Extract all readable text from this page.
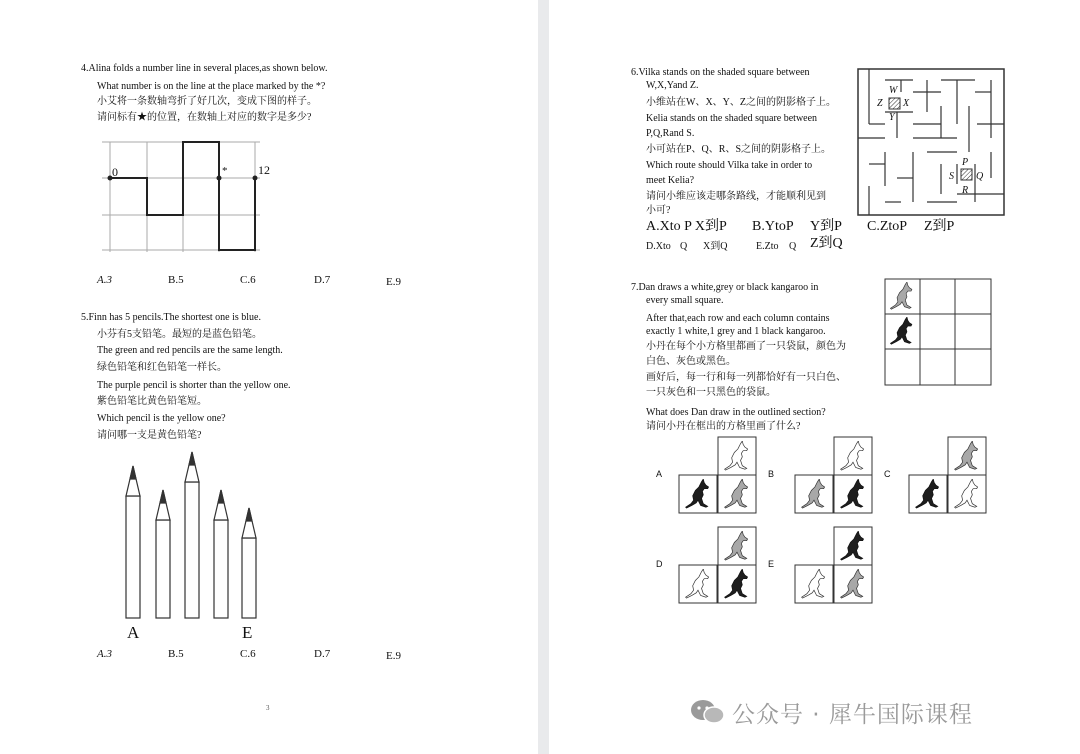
4.Alina folds a number line in several places,as shown below.
What number is on the line at the place marked by the *?
小艾将一条数轴弯折了好几次，变成下图的样子。
请问标有★的位置，在数轴上对应的数字是多少?
0	*	12
A.3	B.5	C.6	D.7	E.9
5.Finn has 5 pencils.The shortest one is blue.
小芬有5支铅笔。最短的是蓝色铅笔。
The green and red pencils are the same length.
绿色铅笔和红色铅笔一样长。
The purple pencil is shorter than the yellow one.
紫色铅笔比黄色铅笔短。
Which pencil is the yellow one?
请问哪一支是黄色铅笔?
A	E
A.3	B.5	C.6	D.7	E.9
3
6.Vilka stands on the shaded square between
W,X,Yand Z.
小维站在W、X、Y、Z之间的阴影格子上。
Kelia stands on the shaded square between
P,Q,Rand S.
小可站在P、Q、R、S之间的阴影格子上。
Which route should Vilka take in order to
meet Kelia?
请问小维应该走哪条路线，才能顺利见到
小可?
W
Z X
Y
P
S Q
R
A.Xto P X到P B.YtoP Y到P C.ZtoP Z到P
D.Xto Q X到Q	E.Zto Q Z到Q
7.Dan draws a white,grey or black kangaroo in
every small square.
After that,each row and each column contains
exactly 1 white,1 grey and 1 black kangaroo.
小丹在每个小方格里都画了一只袋鼠，颜色为
白色、灰色或黑色。
画好后，每一行和每一列都恰好有一只白色、
一只灰色和一只黑色的袋鼠。
What does Dan draw in the outlined section?
请问小丹在框出的方格里画了什么?
A	B	C
D	E
公众号 · 犀牛国际课程
